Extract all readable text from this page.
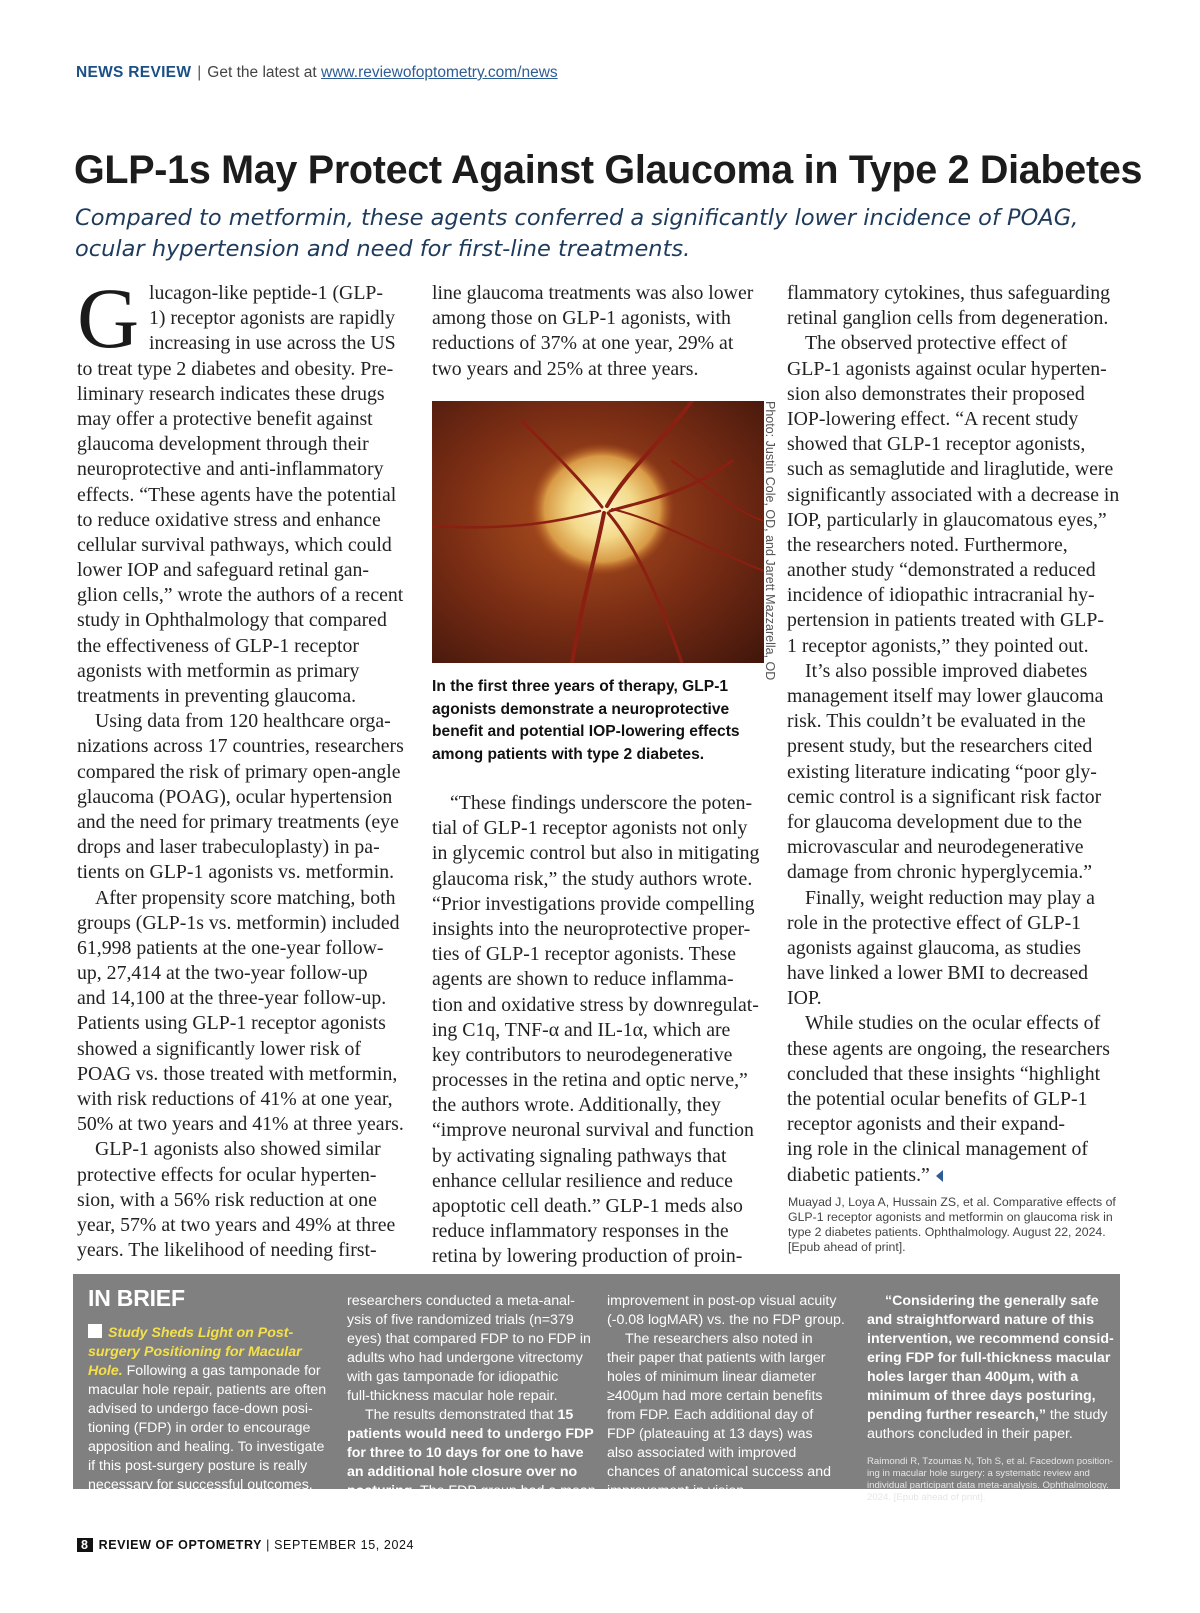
NEWS REVIEW | Get the latest at www.reviewofoptometry.com/news
GLP-1s May Protect Against Glaucoma in Type 2 Diabetes
Compared to metformin, these agents conferred a significantly lower incidence of POAG,
ocular hypertension and need for first-line treatments.
G lucagon-like peptide-1 (GLP-
1) receptor agonists are rapidly
increasing in use across the US
to treat type 2 diabetes and obesity. Pre-
liminary research indicates these drugs
may offer a protective benefit against
glaucoma development through their
neuroprotective and anti-inflammatory
effects. “These agents have the potential
to reduce oxidative stress and enhance
cellular survival pathways, which could
lower IOP and safeguard retinal gan-
glion cells,” wrote the authors of a recent
study in Ophthalmology that compared
the effectiveness of GLP-1 receptor
agonists with metformin as primary
treatments in preventing glaucoma.
Using data from 120 healthcare orga-
nizations across 17 countries, researchers
compared the risk of primary open-angle
glaucoma (POAG), ocular hypertension
and the need for primary treatments (eye
drops and laser trabeculoplasty) in pa-
tients on GLP-1 agonists vs. metformin.
After propensity score matching, both
groups (GLP-1s vs. metformin) included
61,998 patients at the one-year follow-
up, 27,414 at the two-year follow-up
and 14,100 at the three-year follow-up.
Patients using GLP-1 receptor agonists
showed a significantly lower risk of
POAG vs. those treated with metformin,
with risk reductions of 41% at one year,
50% at two years and 41% at three years.
GLP-1 agonists also showed similar
protective effects for ocular hyperten-
sion, with a 56% risk reduction at one
year, 57% at two years and 49% at three
years. The likelihood of needing first-
line glaucoma treatments was also lower
among those on GLP-1 agonists, with
reductions of 37% at one year, 29% at
two years and 25% at three years.
Photo: Justin Cole, OD, and Jarett Mazzarella, OD
In the first three years of therapy, GLP-1
agonists demonstrate a neuroprotective
benefit and potential IOP-lowering effects
among patients with type 2 diabetes.
“These findings underscore the poten-
tial of GLP-1 receptor agonists not only
in glycemic control but also in mitigating
glaucoma risk,” the study authors wrote.
“Prior investigations provide compelling
insights into the neuroprotective proper-
ties of GLP-1 receptor agonists. These
agents are shown to reduce inflamma-
tion and oxidative stress by downregulat-
ing C1q, TNF-α and IL-1α, which are
key contributors to neurodegenerative
processes in the retina and optic nerve,”
the authors wrote. Additionally, they
“improve neuronal survival and function
by activating signaling pathways that
enhance cellular resilience and reduce
apoptotic cell death.” GLP-1 meds also
reduce inflammatory responses in the
retina by lowering production of proin-
flammatory cytokines, thus safeguarding
retinal ganglion cells from degeneration.
The observed protective effect of
GLP-1 agonists against ocular hyperten-
sion also demonstrates their proposed
IOP-lowering effect. “A recent study
showed that GLP-1 receptor agonists,
such as semaglutide and liraglutide, were
significantly associated with a decrease in
IOP, particularly in glaucomatous eyes,”
the researchers noted. Furthermore,
another study “demonstrated a reduced
incidence of idiopathic intracranial hy-
pertension in patients treated with GLP-
1 receptor agonists,” they pointed out.
It’s also possible improved diabetes
management itself may lower glaucoma
risk. This couldn’t be evaluated in the
present study, but the researchers cited
existing literature indicating “poor gly-
cemic control is a significant risk factor
for glaucoma development due to the
microvascular and neurodegenerative
damage from chronic hyperglycemia.”
Finally, weight reduction may play a
role in the protective effect of GLP-1
agonists against glaucoma, as studies
have linked a lower BMI to decreased
IOP.
While studies on the ocular effects of
these agents are ongoing, the researchers
concluded that these insights “highlight
the potential ocular benefits of GLP-1
receptor agonists and their expand-
ing role in the clinical management of
diabetic patients.”
Muayad J, Loya A, Hussain ZS, et al. Comparative effects of
GLP-1 receptor agonists and metformin on glaucoma risk in
type 2 diabetes patients. Ophthalmology. August 22, 2024.
[Epub ahead of print].
IN BRIEF
Study Sheds Light on Post-
surgery Positioning for Macular
Hole. Following a gas tamponade for
macular hole repair, patients are often
advised to undergo face-down posi-
tioning (FDP) in order to encourage
apposition and healing. To investigate
if this post-surgery posture is really
necessary for successful outcomes,
researchers conducted a meta-anal-
ysis of five randomized trials (n=379
eyes) that compared FDP to no FDP in
adults who had undergone vitrectomy
with gas tamponade for idiopathic
full-thickness macular hole repair.
The results demonstrated that 15
patients would need to undergo FDP
for three to 10 days for one to have
an additional hole closure over no
posturing. The FDP group had a mean
improvement in post-op visual acuity
(-0.08 logMAR) vs. the no FDP group.
The researchers also noted in
their paper that patients with larger
holes of minimum linear diameter
≥400μm had more certain benefits
from FDP. Each additional day of
FDP (plateauing at 13 days) was
also associated with improved
chances of anatomical success and
improvement in vision.
“Considering the generally safe
and straightforward nature of this
intervention, we recommend consid-
ering FDP for full-thickness macular
holes larger than 400μm, with a
minimum of three days posturing,
pending further research,” the study
authors concluded in their paper.
Raimondi R, Tzoumas N, Toh S, et al. Facedown position-
ing in macular hole surgery: a systematic review and
individual participant data meta-analysis. Ophthalmology.
2024. [Epub ahead of print].
8 REVIEW OF OPTOMETRY | SEPTEMBER 15, 2024
